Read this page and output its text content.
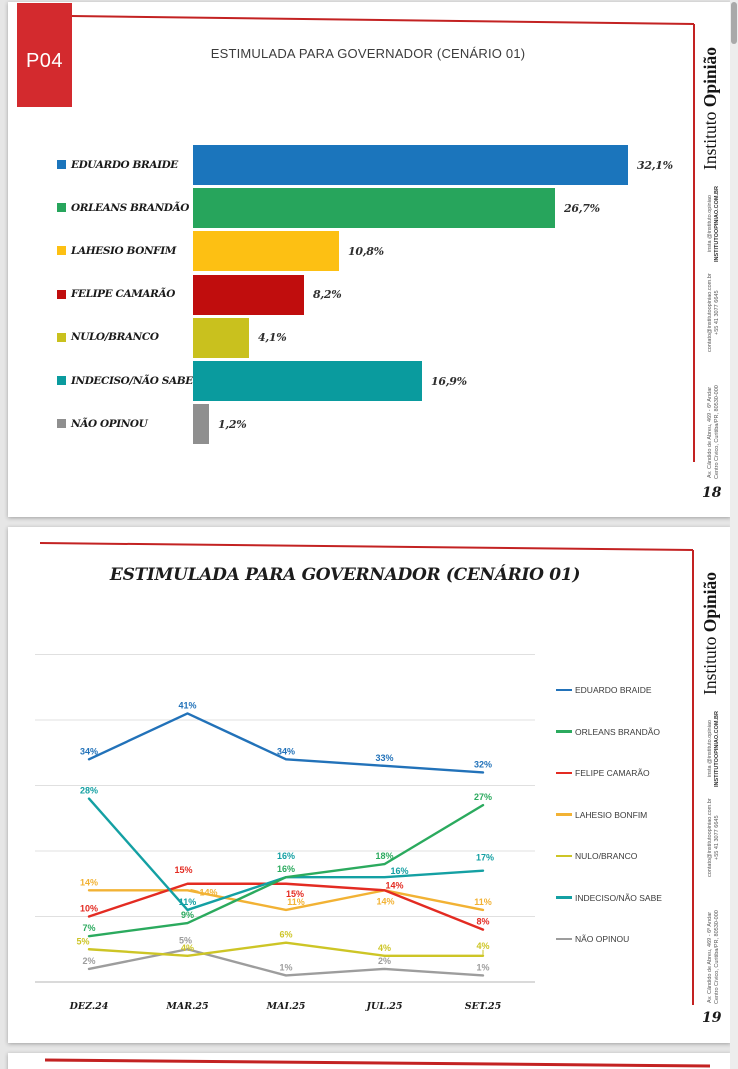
P04	ESTIMULADA PARA GOVERNADOR (CENÁRIO 01)
EDUARDO BRAIDE	32,1%
ORLEANS BRANDÃO	26,7%
LAHESIO BONFIM	10,8%
FELIPE CAMARÃO	8,2%
NULO/BRANCO	4,1%
INDECISO/NÃO SABE	16,9%
NÃO OPINOU	1,2%
Instituto Opinião
insta @instituto.opiniao INSTITUTOOPINIAO.COM.BR
contato@institutoopiniao.com.br +55 41 3077 6645
Av. Cândido de Abreu, 469 - 6º Andar Centro Cívico, Curitiba/PR, 80530-000
18
ESTIMULADA PARA GOVERNADOR (CENÁRIO 01)
DEZ.24	MAR.25	MAI.25	JUL.25	SET.25
34%
41%
34%
33%
32%
7%
9%
16%
18%
27%
10%
15%
15%
14%
8%
14%
14%
11%	14%	11%
5%
4%
6%
4%	4%
28%
11%
16%
16%
17%
2%
5%
1%
2%
1%
EDUARDO BRAIDE
ORLEANS BRANDÃO
FELIPE CAMARÃO
LAHESIO BONFIM
NULO/BRANCO
INDECISO/NÃO SABE
NÃO OPINOU
Instituto Opinião
insta @instituto.opiniao INSTITUTOOPINIAO.COM.BR
contato@institutoopiniao.com.br +55 41 3077 6645
Av. Cândido de Abreu, 469 - 6º Andar Centro Cívico, Curitiba/PR, 80530-000
19
